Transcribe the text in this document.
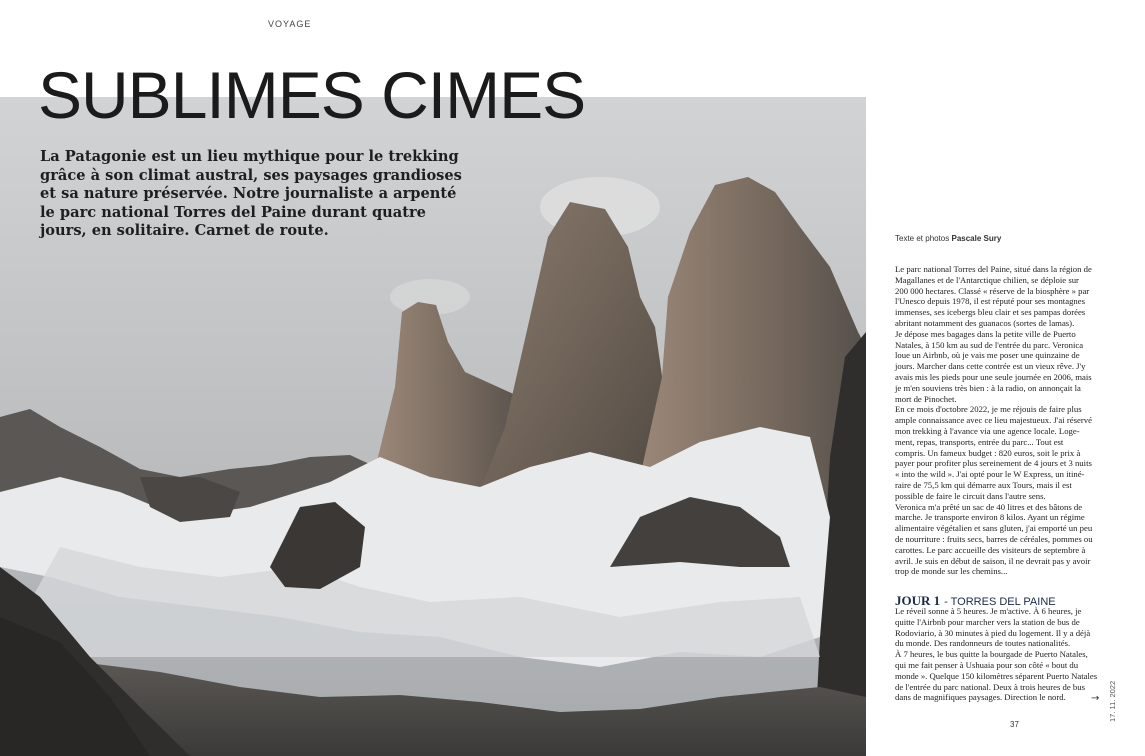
VOYAGE
SUBLIMES CIMES
La Patagonie est un lieu mythique pour le trekking
grâce à son climat austral, ses paysages grandioses
et sa nature préservée. Notre journaliste a arpenté
le parc national Torres del Paine durant quatre
jours, en solitaire. Carnet de route.	Texte et photos Pascale Sury
Le parc national Torres del Paine, situé dans la région de
Magallanes et de l'Antarctique chilien, se déploie sur
200 000 hectares. Classé « réserve de la biosphère » par
l'Unesco depuis 1978, il est réputé pour ses montagnes
immenses, ses icebergs bleu clair et ses pampas dorées
abritant notamment des guanacos (sortes de lamas).
Je dépose mes bagages dans la petite ville de Puerto
Natales, à 150 km au sud de l'entrée du parc. Veronica
loue un Airbnb, où je vais me poser une quinzaine de
jours. Marcher dans cette contrée est un vieux rêve. J'y
avais mis les pieds pour une seule journée en 2006, mais
je m'en souviens très bien : à la radio, on annonçait la
mort de Pinochet.
En ce mois d'octobre 2022, je me réjouis de faire plus
ample connaissance avec ce lieu majestueux. J'ai réservé
mon trekking à l'avance via une agence locale. Loge-
ment, repas, transports, entrée du parc... Tout est
compris. Un fameux budget : 820 euros, soit le prix à
payer pour profiter plus sereinement de 4 jours et 3 nuits
« into the wild ». J'ai opté pour le W Express, un itiné-
raire de 75,5 km qui démarre aux Tours, mais il est
possible de faire le circuit dans l'autre sens.
Veronica m'a prêté un sac de 40 litres et des bâtons de
marche. Je transporte environ 8 kilos. Ayant un régime
alimentaire végétalien et sans gluten, j'ai emporté un peu
de nourriture : fruits secs, barres de céréales, pommes ou
carottes. Le parc accueille des visiteurs de septembre à
avril. Je suis en début de saison, il ne devrait pas y avoir
trop de monde sur les chemins...
JOUR 1 - TORRES DEL PAINE
Le réveil sonne à 5 heures. Je m'active. À 6 heures, je
quitte l'Airbnb pour marcher vers la station de bus de
Rodoviario, à 30 minutes à pied du logement. Il y a déjà
du monde. Des randonneurs de toutes nationalités.
À 7 heures, le bus quitte la bourgade de Puerto Natales,
qui me fait penser à Ushuaia pour son côté « bout du
monde ». Quelque 150 kilomètres séparent Puerto Natales
de l'entrée du parc national. Deux à trois heures de bus
dans de magnifiques paysages. Direction le nord.	→
37
17. 11. 2022
